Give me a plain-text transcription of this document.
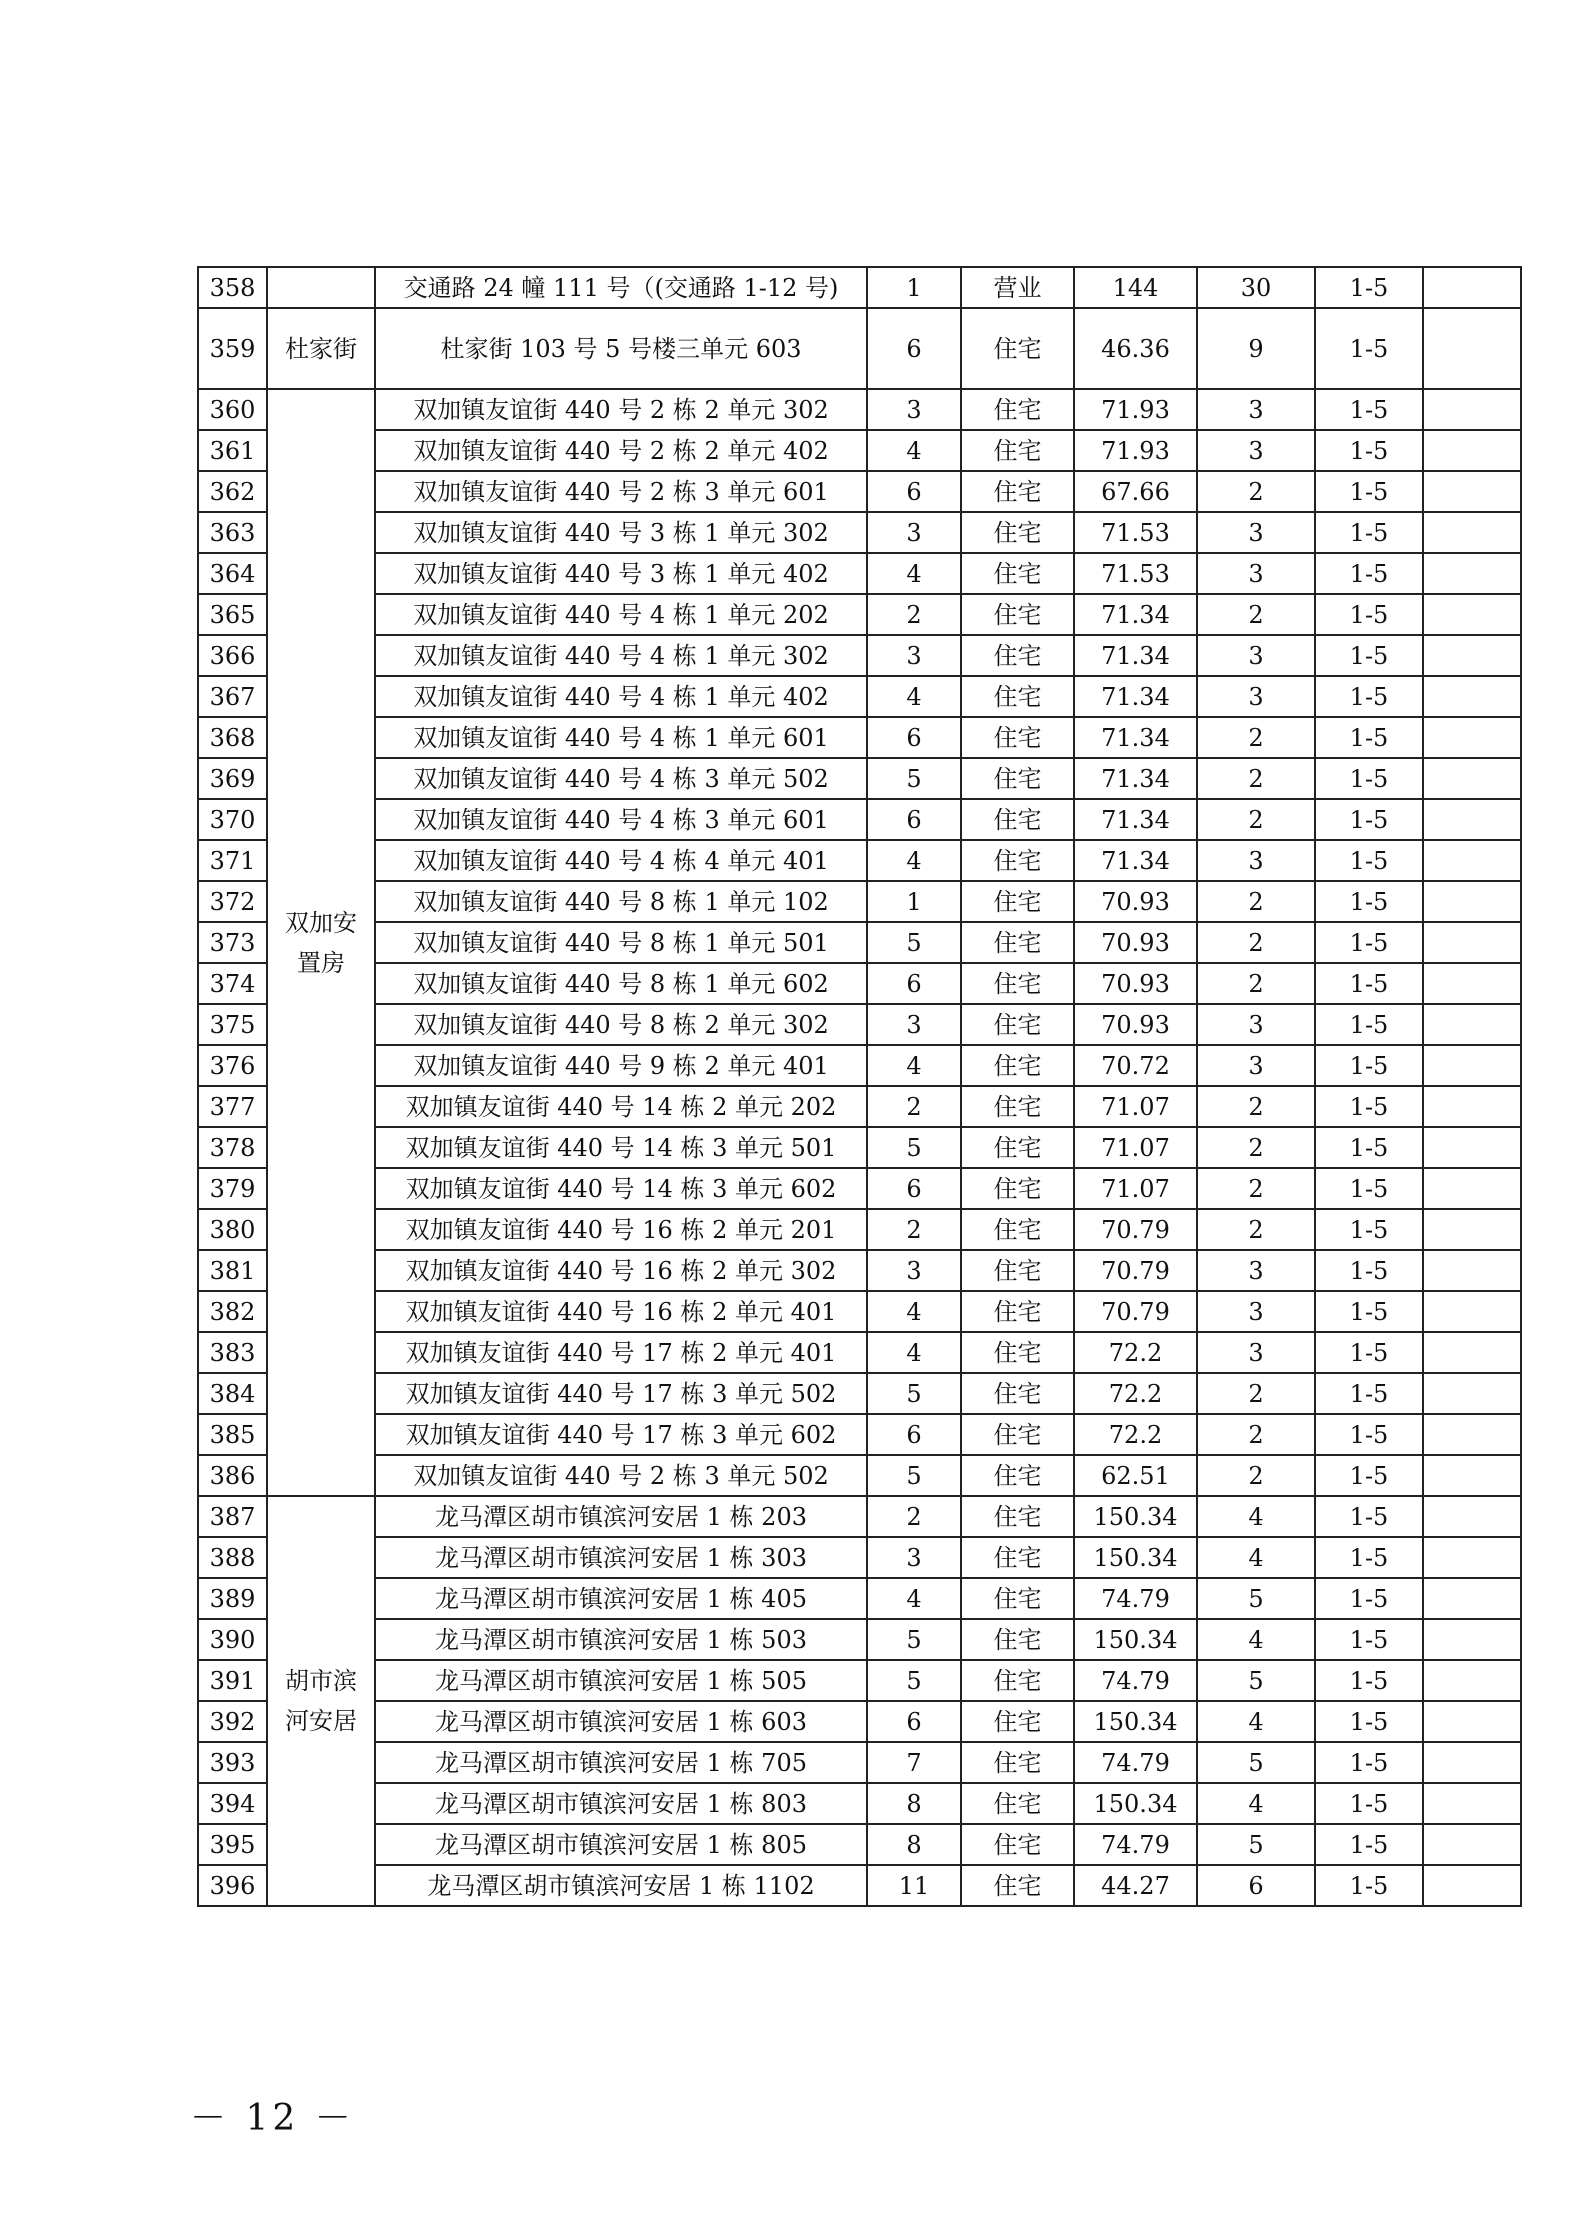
358		交通路 24 幢 111 号（(交通路 1-12 号)	1	营业	144	30	1-5	
359	杜家街	杜家街 103 号 5 号楼三单元 603	6	住宅	46.36	9	1-5	
360	双加安置房	双加镇友谊街 440 号 2 栋 2 单元 302	3	住宅	71.93	3	1-5	
361		双加镇友谊街 440 号 2 栋 2 单元 402	4	住宅	71.93	3	1-5	
362		双加镇友谊街 440 号 2 栋 3 单元 601	6	住宅	67.66	2	1-5	
363		双加镇友谊街 440 号 3 栋 1 单元 302	3	住宅	71.53	3	1-5	
364		双加镇友谊街 440 号 3 栋 1 单元 402	4	住宅	71.53	3	1-5	
365		双加镇友谊街 440 号 4 栋 1 单元 202	2	住宅	71.34	2	1-5	
366		双加镇友谊街 440 号 4 栋 1 单元 302	3	住宅	71.34	3	1-5	
367		双加镇友谊街 440 号 4 栋 1 单元 402	4	住宅	71.34	3	1-5	
368		双加镇友谊街 440 号 4 栋 1 单元 601	6	住宅	71.34	2	1-5	
369		双加镇友谊街 440 号 4 栋 3 单元 502	5	住宅	71.34	2	1-5	
370		双加镇友谊街 440 号 4 栋 3 单元 601	6	住宅	71.34	2	1-5	
371		双加镇友谊街 440 号 4 栋 4 单元 401	4	住宅	71.34	3	1-5	
372		双加镇友谊街 440 号 8 栋 1 单元 102	1	住宅	70.93	2	1-5	
373		双加镇友谊街 440 号 8 栋 1 单元 501	5	住宅	70.93	2	1-5	
374		双加镇友谊街 440 号 8 栋 1 单元 602	6	住宅	70.93	2	1-5	
375		双加镇友谊街 440 号 8 栋 2 单元 302	3	住宅	70.93	3	1-5	
376		双加镇友谊街 440 号 9 栋 2 单元 401	4	住宅	70.72	3	1-5	
377		双加镇友谊街 440 号 14 栋 2 单元 202	2	住宅	71.07	2	1-5	
378		双加镇友谊街 440 号 14 栋 3 单元 501	5	住宅	71.07	2	1-5	
379		双加镇友谊街 440 号 14 栋 3 单元 602	6	住宅	71.07	2	1-5	
380		双加镇友谊街 440 号 16 栋 2 单元 201	2	住宅	70.79	2	1-5	
381		双加镇友谊街 440 号 16 栋 2 单元 302	3	住宅	70.79	3	1-5	
382		双加镇友谊街 440 号 16 栋 2 单元 401	4	住宅	70.79	3	1-5	
383		双加镇友谊街 440 号 17 栋 2 单元 401	4	住宅	72.2	3	1-5	
384		双加镇友谊街 440 号 17 栋 3 单元 502	5	住宅	72.2	2	1-5	
385		双加镇友谊街 440 号 17 栋 3 单元 602	6	住宅	72.2	2	1-5	
386		双加镇友谊街 440 号 2 栋 3 单元 502	5	住宅	62.51	2	1-5	
387	胡市滨河安居	龙马潭区胡市镇滨河安居 1 栋 203	2	住宅	150.34	4	1-5	
388		龙马潭区胡市镇滨河安居 1 栋 303	3	住宅	150.34	4	1-5	
389		龙马潭区胡市镇滨河安居 1 栋 405	4	住宅	74.79	5	1-5	
390		龙马潭区胡市镇滨河安居 1 栋 503	5	住宅	150.34	4	1-5	
391		龙马潭区胡市镇滨河安居 1 栋 505	5	住宅	74.79	5	1-5	
392		龙马潭区胡市镇滨河安居 1 栋 603	6	住宅	150.34	4	1-5	
393		龙马潭区胡市镇滨河安居 1 栋 705	7	住宅	74.79	5	1-5	
394		龙马潭区胡市镇滨河安居 1 栋 803	8	住宅	150.34	4	1-5	
395		龙马潭区胡市镇滨河安居 1 栋 805	8	住宅	74.79	5	1-5	
396		龙马潭区胡市镇滨河安居 1 栋 1102	11	住宅	44.27	6	1-5	
－ 12 －
